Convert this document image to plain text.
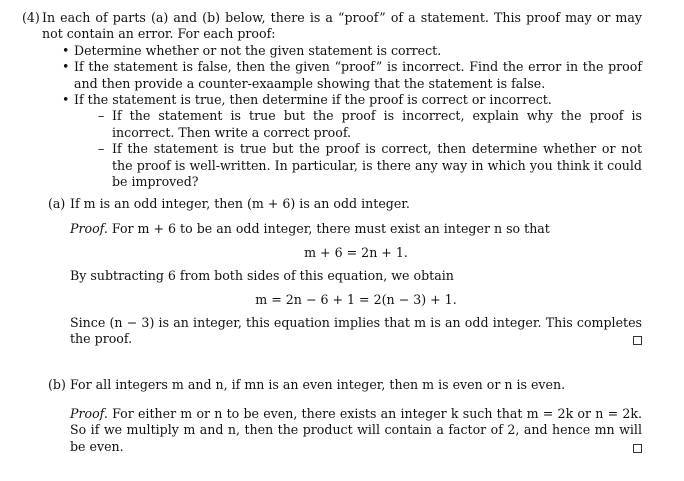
(4) In each of parts (a) and (b) below, there is a “proof” of a statement. This proof may or may not contain an error. For each proof:

• Determine whether or not the given statement is correct.
• If the statement is false, then the given “proof” is incorrect. Find the error in the proof and then provide a counter-exaample showing that the statement is false.
• If the statement is true, then determine if the proof is correct or incorrect.
– If the statement is true but the proof is incorrect, explain why the proof is incorrect. Then write a correct proof.
– If the statement is true but the proof is correct, then determine whether or not the proof is well-written. In particular, is there any way in which you think it could be improved?
(a) If m is an odd integer, then (m + 6) is an odd integer.

Proof. For m + 6 to be an odd integer, there must exist an integer n so that

m + 6 = 2n + 1.

By subtracting 6 from both sides of this equation, we obtain

m = 2n − 6 + 1 = 2(n − 3) + 1.

Since (n − 3) is an integer, this equation implies that m is an odd integer. This completes the proof.

(b) For all integers m and n, if mn is an even integer, then m is even or n is even.

Proof. For either m or n to be even, there exists an integer k such that m = 2k or n = 2k. So if we multiply m and n, then the product will contain a factor of 2, and hence mn will be even.
